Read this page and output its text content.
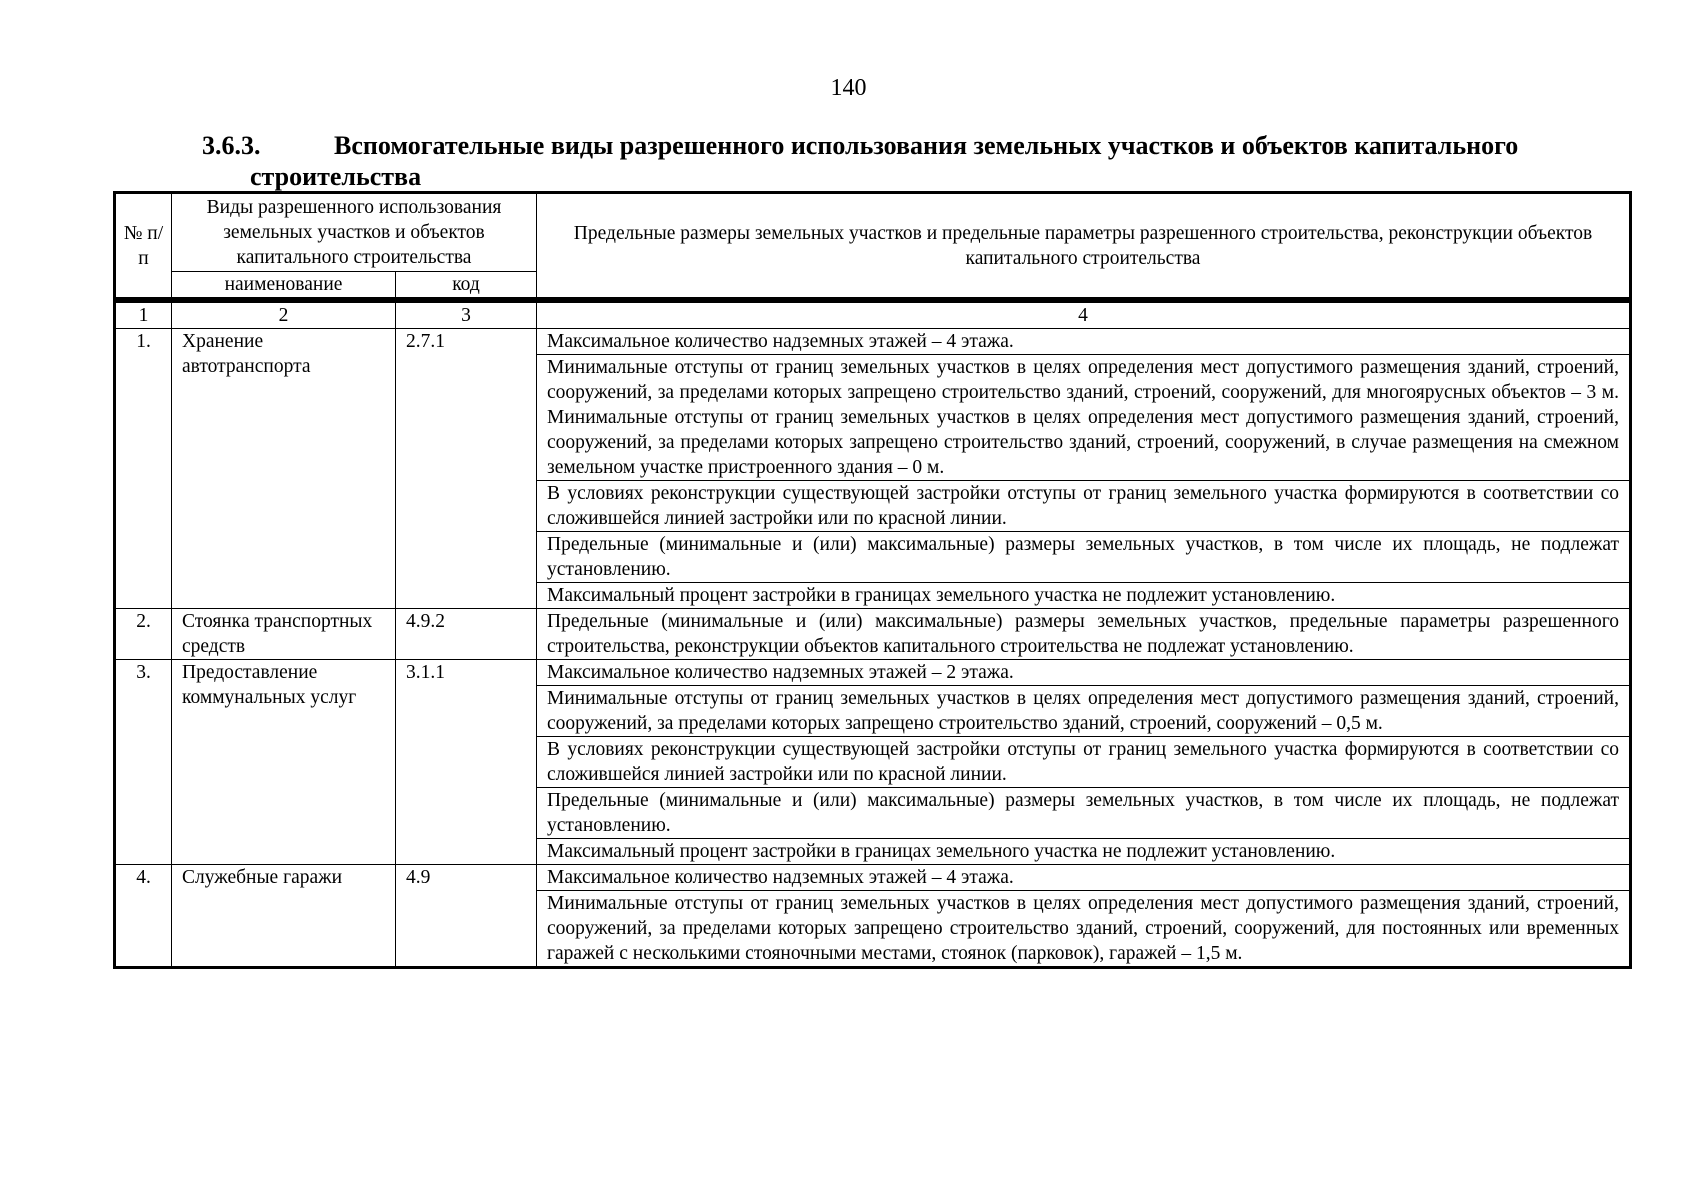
140
3.6.3.	Вспомогательные виды разрешенного использования земельных участков и объектов капитального
строительства
№ п/п	Виды разрешенного использования земельных участков и объектов капитального строительства		Предельные размеры земельных участков и предельные параметры разрешенного строительства, реконструкции объектов капитального строительства
	наименование	код	
1	2	3	4
1.	Хранение автотранспорта	2.7.1	Максимальное количество надземных этажей – 4 этажа.
			Минимальные отступы от границ земельных участков в целях определения мест допустимого размещения зданий, строений, сооружений, за пределами которых запрещено строительство зданий, строений, сооружений, для многоярусных объектов – 3 м. Минимальные отступы от границ земельных участков в целях определения мест допустимого размещения зданий, строений, сооружений, за пределами которых запрещено строительство зданий, строений, сооружений, в случае размещения на смежном земельном участке пристроенного здания – 0 м.
			В условиях реконструкции существующей застройки отступы от границ земельного участка формируются в соответствии со сложившейся линией застройки или по красной линии.
			Предельные (минимальные и (или) максимальные) размеры земельных участков, в том числе их площадь, не подлежат установлению.
			Максимальный процент застройки в границах земельного участка не подлежит установлению.
2.	Стоянка транспортных средств	4.9.2	Предельные (минимальные и (или) максимальные) размеры земельных участков, предельные параметры разрешенного строительства, реконструкции объектов капитального строительства не подлежат установлению.
3.	Предоставление коммунальных услуг	3.1.1	Максимальное количество надземных этажей – 2 этажа.
			Минимальные отступы от границ земельных участков в целях определения мест допустимого размещения зданий, строений, сооружений, за пределами которых запрещено строительство зданий, строений, сооружений – 0,5 м.
			В условиях реконструкции существующей застройки отступы от границ земельного участка формируются в соответствии со сложившейся линией застройки или по красной линии.
			Предельные (минимальные и (или) максимальные) размеры земельных участков, в том числе их площадь, не подлежат установлению.
			Максимальный процент застройки в границах земельного участка не подлежит установлению.
4.	Служебные гаражи	4.9	Максимальное количество надземных этажей – 4 этажа.
			Минимальные отступы от границ земельных участков в целях определения мест допустимого размещения зданий, строений, сооружений, за пределами которых запрещено строительство зданий, строений, сооружений, для постоянных или временных гаражей с несколькими стояночными местами, стоянок (парковок), гаражей – 1,5 м.
